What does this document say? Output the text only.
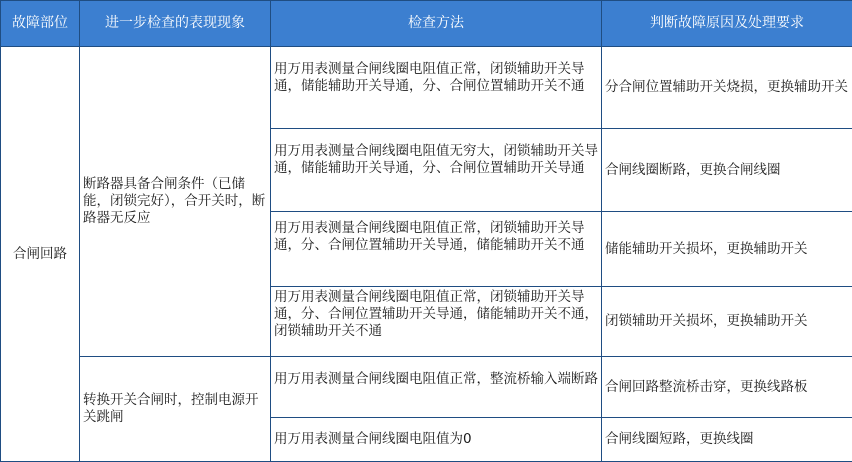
故障部位	进一步检查的表现现象	检查方法	判断故障原因及处理要求
合闸回路	断路器具备合闸条件（已储能，闭锁完好），合开关时，断路器无反应	用万用表测量合闸线圈电阻值正常，闭锁辅助开关导通，储能辅助开关导通，分、合闸位置辅助开关不通	分合闸位置辅助开关烧损，更换辅助开关
		用万用表测量合闸线圈电阻值无穷大，闭锁辅助开关导通，储能辅助开关导通，分、合闸位置辅助开关导通	合闸线圈断路，更换合闸线圈
		用万用表测量合闸线圈电阻值正常，闭锁辅助开关导通，分、合闸位置辅助开关导通，储能辅助开关不通	储能辅助开关损坏，更换辅助开关
		用万用表测量合闸线圈电阻值正常，闭锁辅助开关导通，分、合闸位置辅助开关导通，储能辅助开关不通，闭锁辅助开关不通	闭锁辅助开关损坏，更换辅助开关
	转换开关合闸时，控制电源开关跳闸	用万用表测量合闸线圈电阻值正常，整流桥输入端断路	合闸回路整流桥击穿，更换线路板
		用万用表测量合闸线圈电阻值为0	合闸线圈短路，更换线圈
